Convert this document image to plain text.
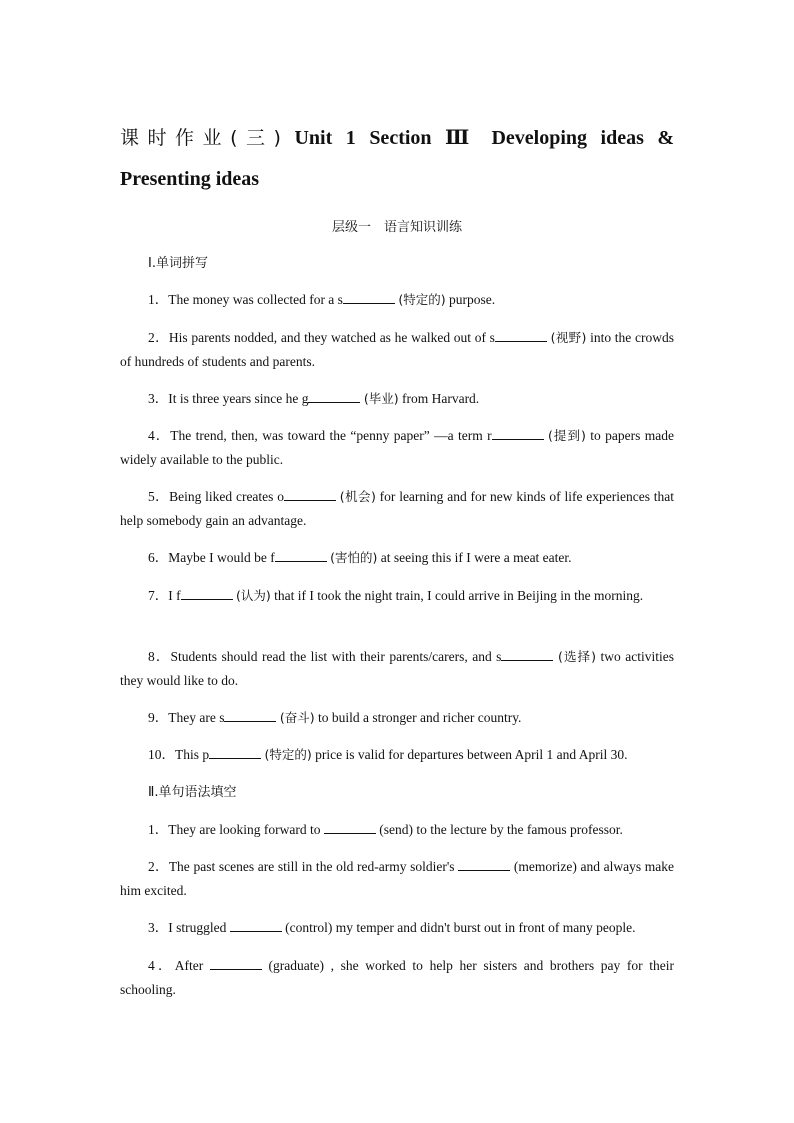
课时作业(三) Unit 1 Section Ⅲ Developing ideas &
Presenting ideas
层级一　语言知识训练
Ⅰ.单词拼写
1．The money was collected for a s	(特定的) purpose.
2．His parents nodded, and they watched as he walked out of s	(视野) into the crowds of hundreds of students and parents.
3．It is three years since he g	(毕业) from Harvard.
4．The trend, then, was toward the “penny paper” —a term r	(提到) to papers made widely available to the public.
5．Being liked creates o	(机会) for learning and for new kinds of life experiences that help somebody gain an advantage.
6．Maybe I would be f	(害怕的) at seeing this if I were a meat eater.
7．I f	(认为) that if I took the night train, I could arrive in Beijing in the morning.
8．Students should read the list with their parents/carers, and s	(选择) two activities they would like to do.
9．They are s	(奋斗) to build a stronger and richer country.
10．This p	(特定的) price is valid for departures between April 1 and April 30.
Ⅱ.单句语法填空
1．They are looking forward to	(send) to the lecture by the famous professor.
2．The past scenes are still in the old red-army soldier's	(memorize) and always make him excited.
3．I struggled	(control) my temper and didn't burst out in front of many people.
4．After	(graduate) , she worked to help her sisters and brothers pay for their schooling.
